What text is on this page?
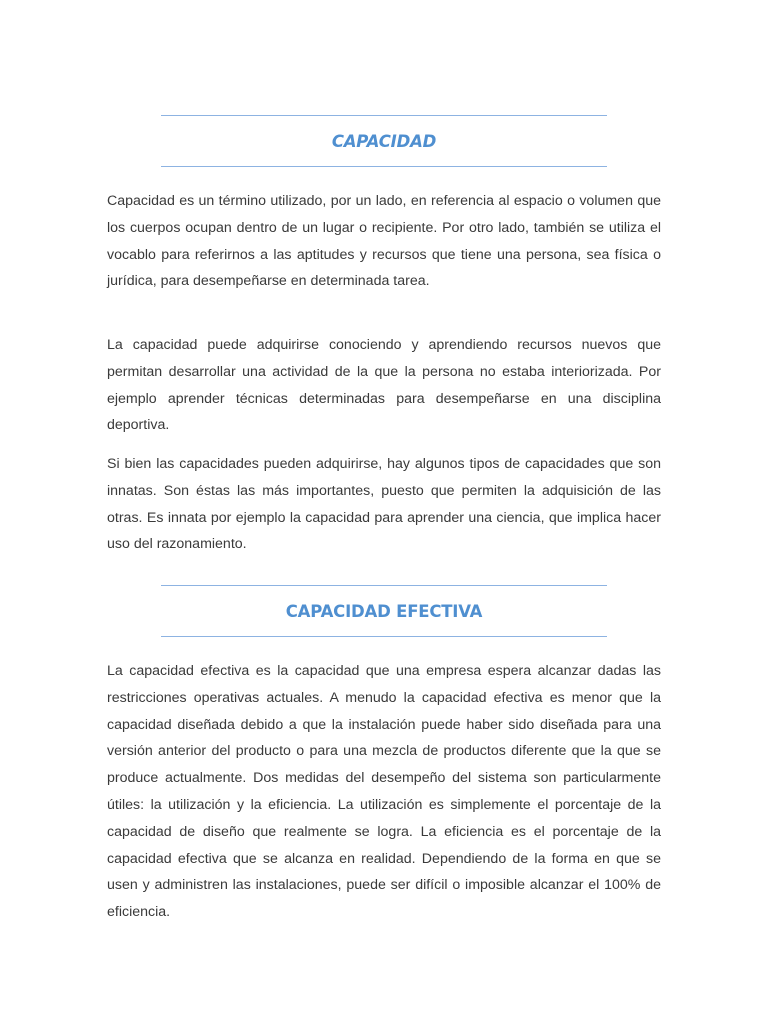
CAPACIDAD

Capacidad es un término utilizado, por un lado, en referencia al espacio o volumen que los cuerpos ocupan dentro de un lugar o recipiente. Por otro lado, también se utiliza el vocablo para referirnos a las aptitudes y recursos que tiene una persona, sea física o jurídica, para desempeñarse en determinada tarea.

La capacidad puede adquirirse conociendo y aprendiendo recursos nuevos que permitan desarrollar una actividad de la que la persona no estaba interiorizada. Por ejemplo aprender técnicas determinadas para desempeñarse en una disciplina deportiva.

Si bien las capacidades pueden adquirirse, hay algunos tipos de capacidades que son innatas. Son éstas las más importantes, puesto que permiten la adquisición de las otras. Es innata por ejemplo la capacidad para aprender una ciencia, que implica hacer uso del razonamiento.

CAPACIDAD EFECTIVA

La capacidad efectiva es la capacidad que una empresa espera alcanzar dadas las restricciones operativas actuales. A menudo la capacidad efectiva es menor que la capacidad diseñada debido a que la instalación puede haber sido diseñada para una versión anterior del producto o para una mezcla de productos diferente que la que se produce actualmente. Dos medidas del desempeño del sistema son particularmente útiles: la utilización y la eficiencia. La utilización es simplemente el porcentaje de la capacidad de diseño que realmente se logra. La eficiencia es el porcentaje de la capacidad efectiva que se alcanza en realidad. Dependiendo de la forma en que se usen y administren las instalaciones, puede ser difícil o imposible alcanzar el 100% de eficiencia.
